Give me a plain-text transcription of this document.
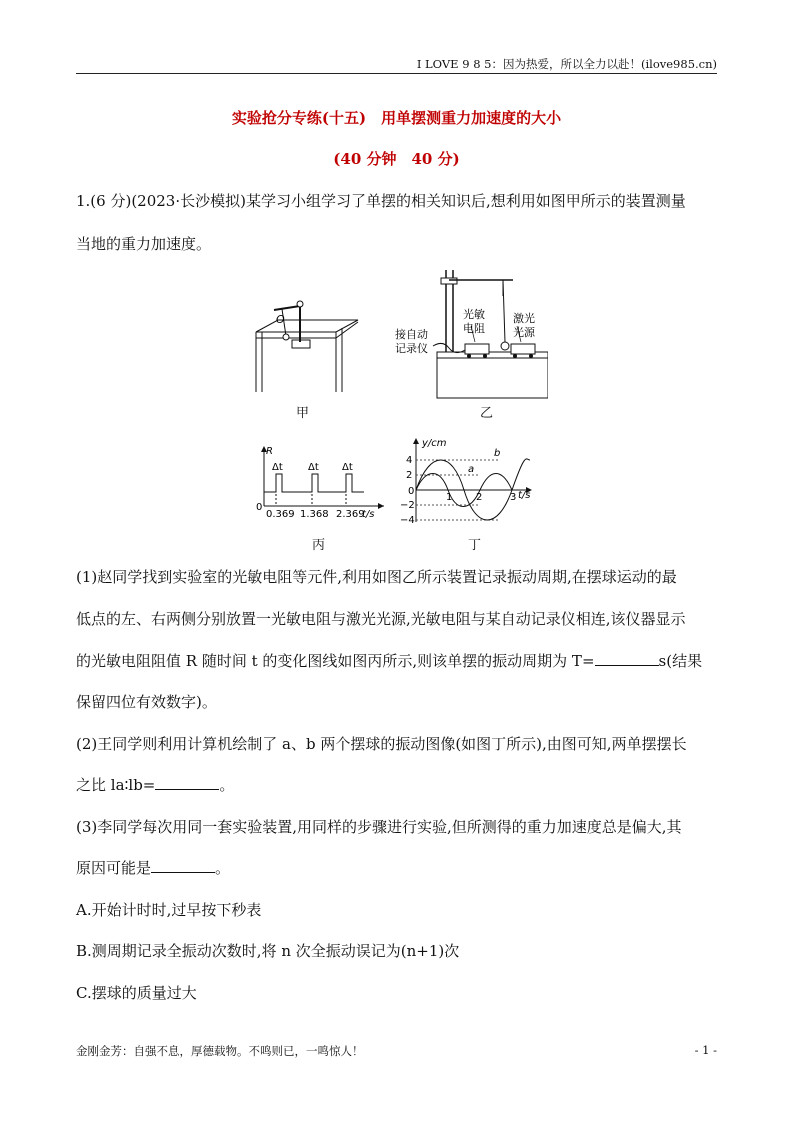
I LOVE 9 8 5：因为热爱，所以全力以赴！(ilove985.cn)
实验抢分专练(十五)　用单摆测重力加速度的大小
(40 分钟　40 分)
1.(6 分)(2023·长沙模拟)某学习小组学习了单摆的相关知识后,想利用如图甲所示的装置测量
当地的重力加速度。
O
甲
光敏
电阻
激光
光源
接自动
记录仪
乙
R
t/s
0
Δt	Δt Δt
0.369 1.368 2.369
丙
y/cm
t/s
0
4
2
−2
−4
1 2	3
a
b
丁
(1)赵同学找到实验室的光敏电阻等元件,利用如图乙所示装置记录振动周期,在摆球运动的最
低点的左、右两侧分别放置一光敏电阻与激光光源,光敏电阻与某自动记录仪相连,该仪器显示
的光敏电阻阻值 R 随时间 t 的变化图线如图丙所示,则该单摆的振动周期为 T=	s(结果
保留四位有效数字)。
(2)王同学则利用计算机绘制了 a、b 两个摆球的振动图像(如图丁所示),由图可知,两单摆摆长
之比 la∶lb=	。
(3)李同学每次用同一套实验装置,用同样的步骤进行实验,但所测得的重力加速度总是偏大,其
原因可能是	。
A.开始计时时,过早按下秒表
B.测周期记录全振动次数时,将 n 次全振动误记为(n+1)次
C.摆球的质量过大
金刚金芳：自强不息，厚德载物。不鸣则已，一鸣惊人！	- 1 -
